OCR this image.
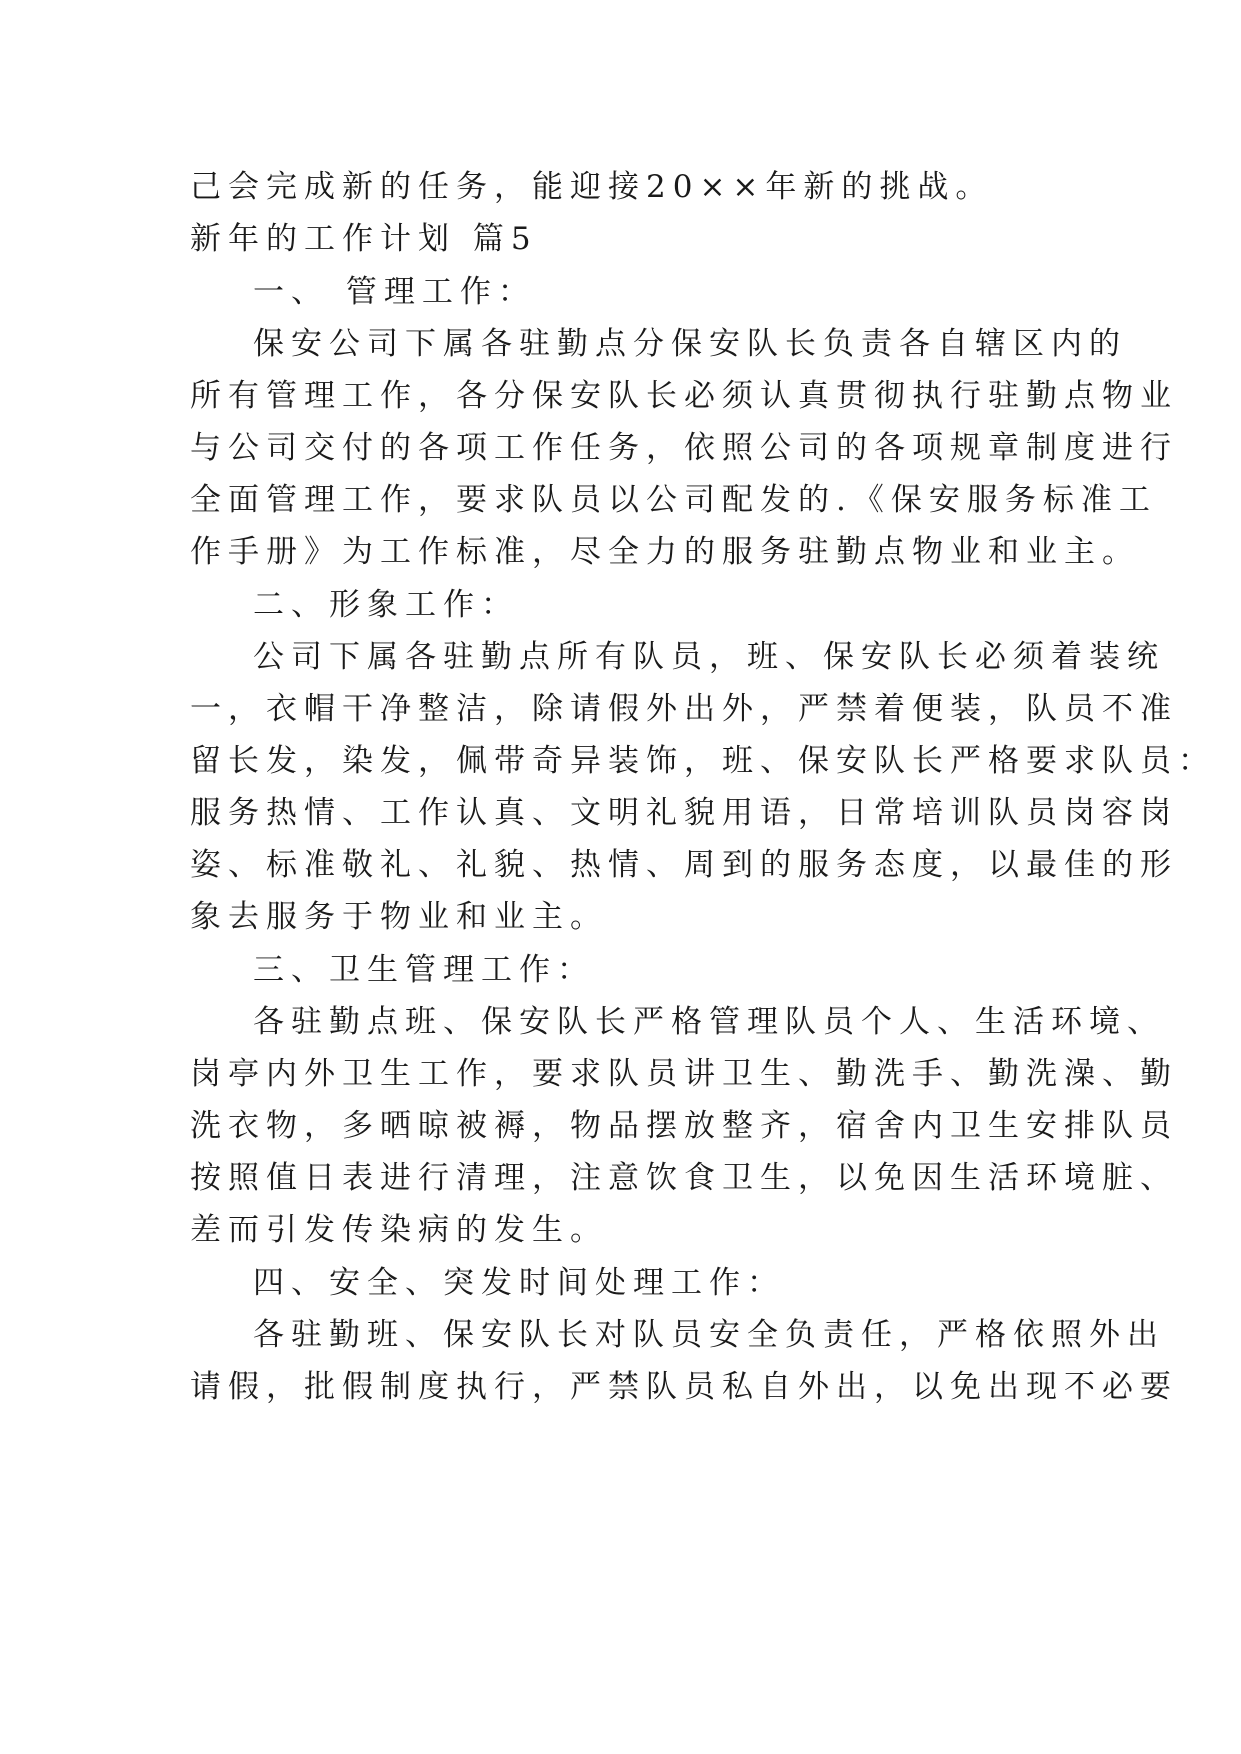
己会完成新的任务，能迎接20××年新的挑战。
新年的工作计划 篇5
一、 管理工作：
保安公司下属各驻勤点分保安队长负责各自辖区内的
所有管理工作，各分保安队长必须认真贯彻执行驻勤点物业
与公司交付的各项工作任务，依照公司的各项规章制度进行
全面管理工作，要求队员以公司配发的.《保安服务标准工
作手册》为工作标准，尽全力的服务驻勤点物业和业主。
二、形象工作：
公司下属各驻勤点所有队员，班、保安队长必须着装统
一，衣帽干净整洁，除请假外出外，严禁着便装，队员不准
留长发，染发，佩带奇异装饰，班、保安队长严格要求队员：
服务热情、工作认真、文明礼貌用语，日常培训队员岗容岗
姿、标准敬礼、礼貌、热情、周到的服务态度，以最佳的形
象去服务于物业和业主。
三、卫生管理工作：
各驻勤点班、保安队长严格管理队员个人、生活环境、
岗亭内外卫生工作，要求队员讲卫生、勤洗手、勤洗澡、勤
洗衣物，多晒晾被褥，物品摆放整齐，宿舍内卫生安排队员
按照值日表进行清理，注意饮食卫生，以免因生活环境脏、
差而引发传染病的发生。
四、安全、突发时间处理工作：
各驻勤班、保安队长对队员安全负责任，严格依照外出
请假，批假制度执行，严禁队员私自外出，以免出现不必要
